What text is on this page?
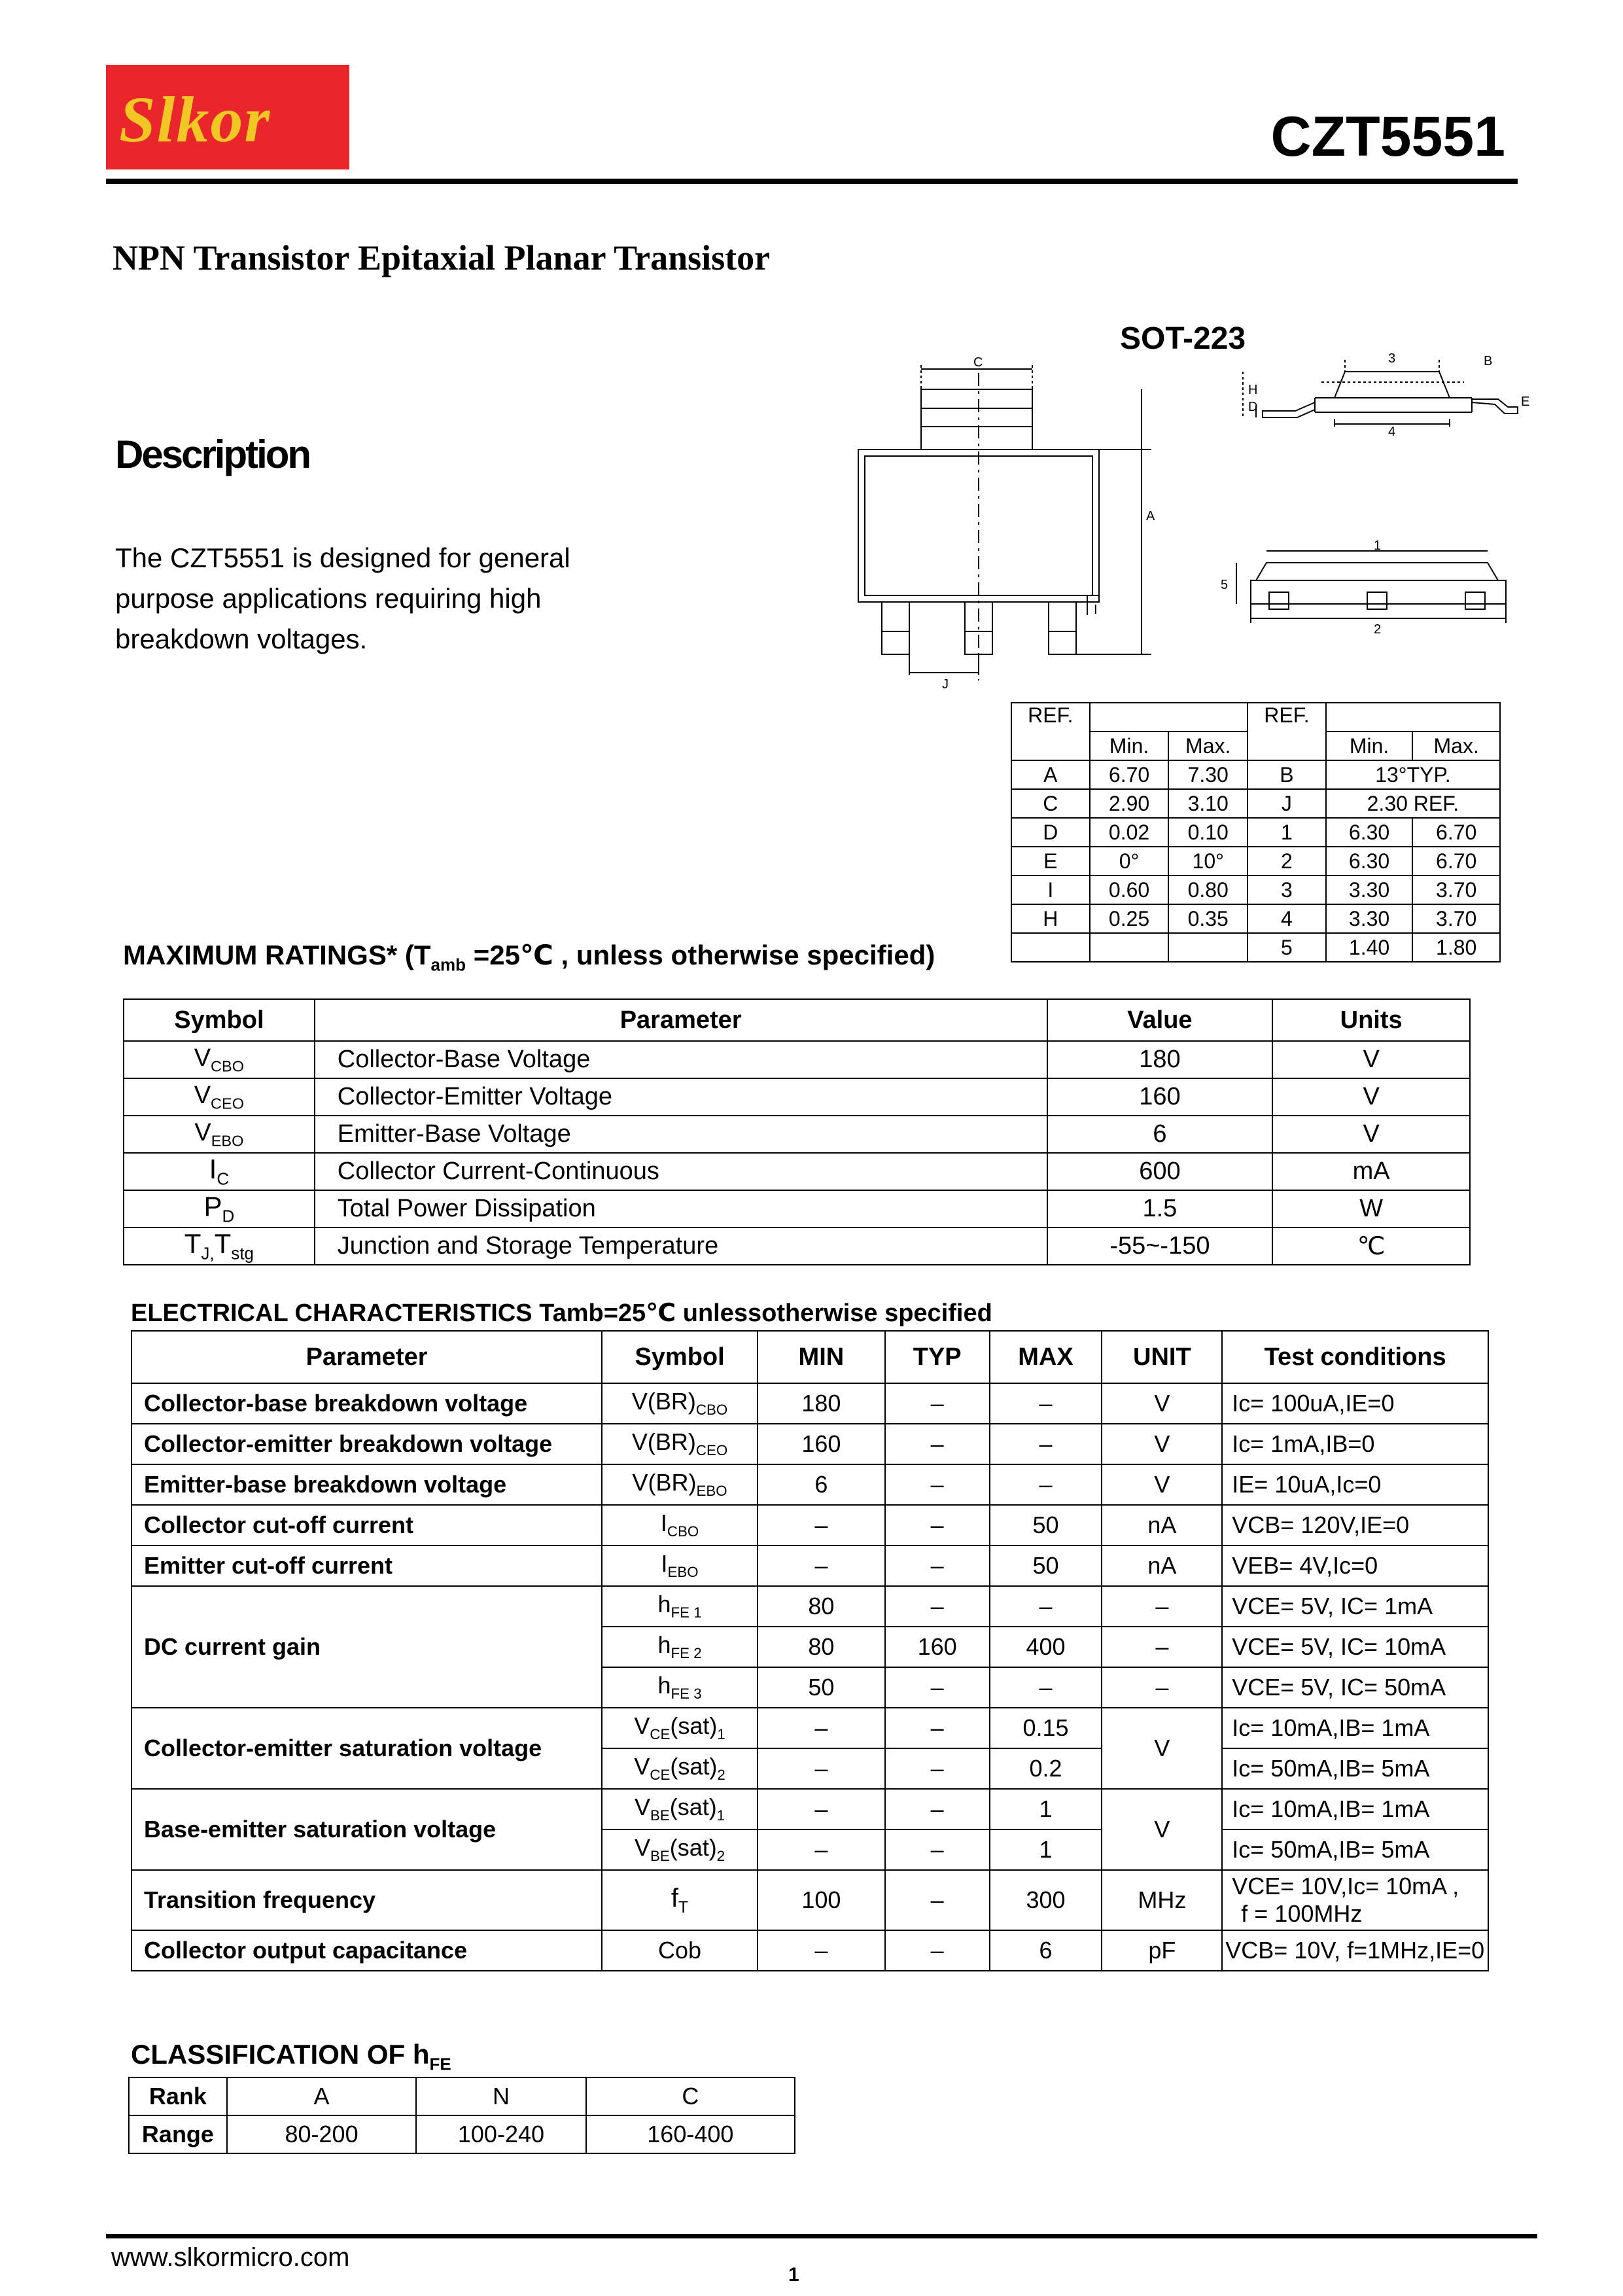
Slkor	CZT5551
NPN Transistor Epitaxial Planar Transistor
SOT-223
Description
The CZT5551 is designed for general
purpose applications requiring high
breakdown voltages.
C
A
I
J
3	B
H
D	E
4
1
5
2
REF.			REF.		
	Min.	Max.		Min.	Max.
A	6.70	7.30	B	13°TYP.	
C	2.90	3.10	J	2.30 REF.	
D	0.02	0.10	1	6.30	6.70
E	0°	10°	2	6.30	6.70
I	0.60	0.80	3	3.30	3.70
H	0.25	0.35	4	3.30	3.70
			5	1.40	1.80
MAXIMUM RATINGS* ($T_{amb}$ =25℃ , unless otherwise specified)
Symbol	Parameter	Value	Units
$V_{CBO}$	Collector-Base Voltage	180	V
$V_{CEO}$	Collector-Emitter Voltage	160	V
$V_{EBO}$	Emitter-Base Voltage	6	V
$I_C$	Collector Current-Continuous	600	mA
$P_D$	Total Power Dissipation	1.5	W
$T_{J,}T_{stg}$	Junction and Storage Temperature	-55~-150	℃
ELECTRICAL CHARACTERISTICS Tamb=25℃ unlessotherwise specified
Parameter	Symbol	MIN	TYP	MAX	UNIT	Test conditions
Collector-base breakdown voltage	$V(BR)_{CBO}$	180	–	–	V	Ic= 100uA,IE=0
Collector-emitter breakdown voltage	$V(BR)_{CEO}$	160	–	–	V	Ic= 1mA,IB=0
Emitter-base breakdown voltage	$V(BR)_{EBO}$	6	–	–	V	IE= 10uA,Ic=0
Collector cut-off current	$I_{CBO}$	–	–	50	nA	VCB= 120V,IE=0
Emitter cut-off current	$I_{EBO}$	–	–	50	nA	VEB= 4V,Ic=0
DC current gain	$h_{FE 1}$	80	–	–	–	VCE= 5V, IC= 1mA
	$h_{FE 2}$	80	160	400	–	VCE= 5V, IC= 10mA
	$h_{FE 3}$	50	–	–	–	VCE= 5V, IC= 50mA
Collector-emitter saturation voltage	$V_{CE}(sat)_1$	–	–	0.15	V	Ic= 10mA,IB= 1mA
	$V_{CE}(sat)_2$	–	–	0.2		Ic= 50mA,IB= 5mA
Base-emitter saturation voltage	$V_{BE}(sat)_1$	–	–	1	V	Ic= 10mA,IB= 1mA
	$V_{BE}(sat)_2$	–	–	1		Ic= 50mA,IB= 5mA
Transition frequency	$f_T$	100	–	300	MHz	VCE= 10V,Ic= 10mA ,
f = 100MHz

Collector output capacitance	Cob	–	–	6	pF	VCB= 10V, f=1MHz,IE=0
CLASSIFICATION OF $h_{FE}$
Rank	A	N	C
Range	80-200	100-240	160-400
www.slkormicro.com
1
